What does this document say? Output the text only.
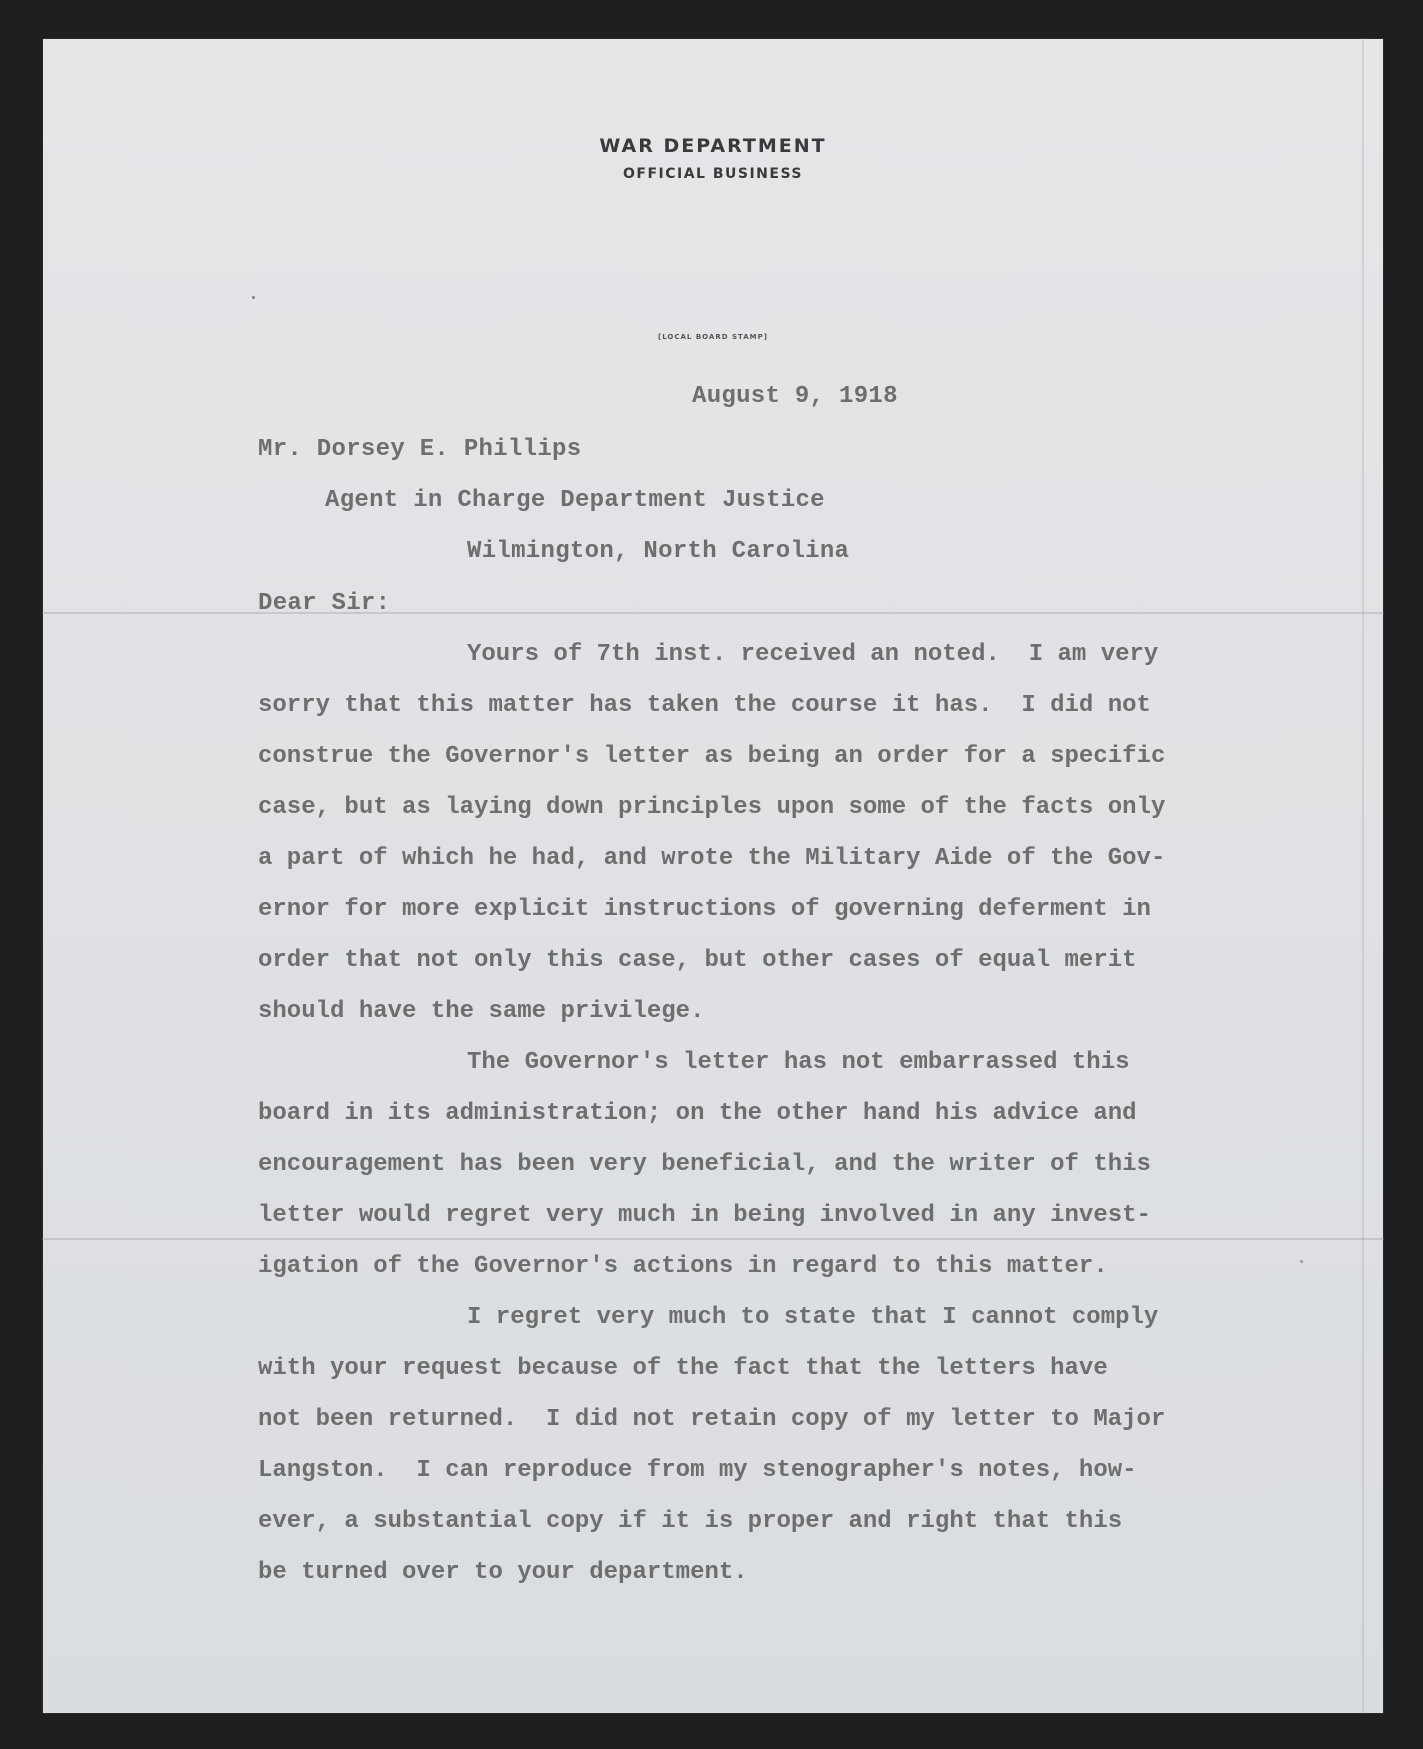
WAR DEPARTMENT
OFFICIAL BUSINESS
[LOCAL BOARD STAMP]
August 9, 1918
Mr. Dorsey E. Phillips
Agent in Charge Department Justice
Wilmington, North Carolina
Dear Sir:
Yours of 7th inst. received an noted.  I am very
sorry that this matter has taken the course it has.  I did not
construe the Governor's letter as being an order for a specific
case, but as laying down principles upon some of the facts only
a part of which he had, and wrote the Military Aide of the Gov-
ernor for more explicit instructions of governing deferment in
order that not only this case, but other cases of equal merit
should have the same privilege.
The Governor's letter has not embarrassed this
board in its administration; on the other hand his advice and
encouragement has been very beneficial, and the writer of this
letter would regret very much in being involved in any invest-
igation of the Governor's actions in regard to this matter.
I regret very much to state that I cannot comply
with your request because of the fact that the letters have
not been returned.  I did not retain copy of my letter to Major
Langston.  I can reproduce from my stenographer's notes, how-
ever, a substantial copy if it is proper and right that this
be turned over to your department.
